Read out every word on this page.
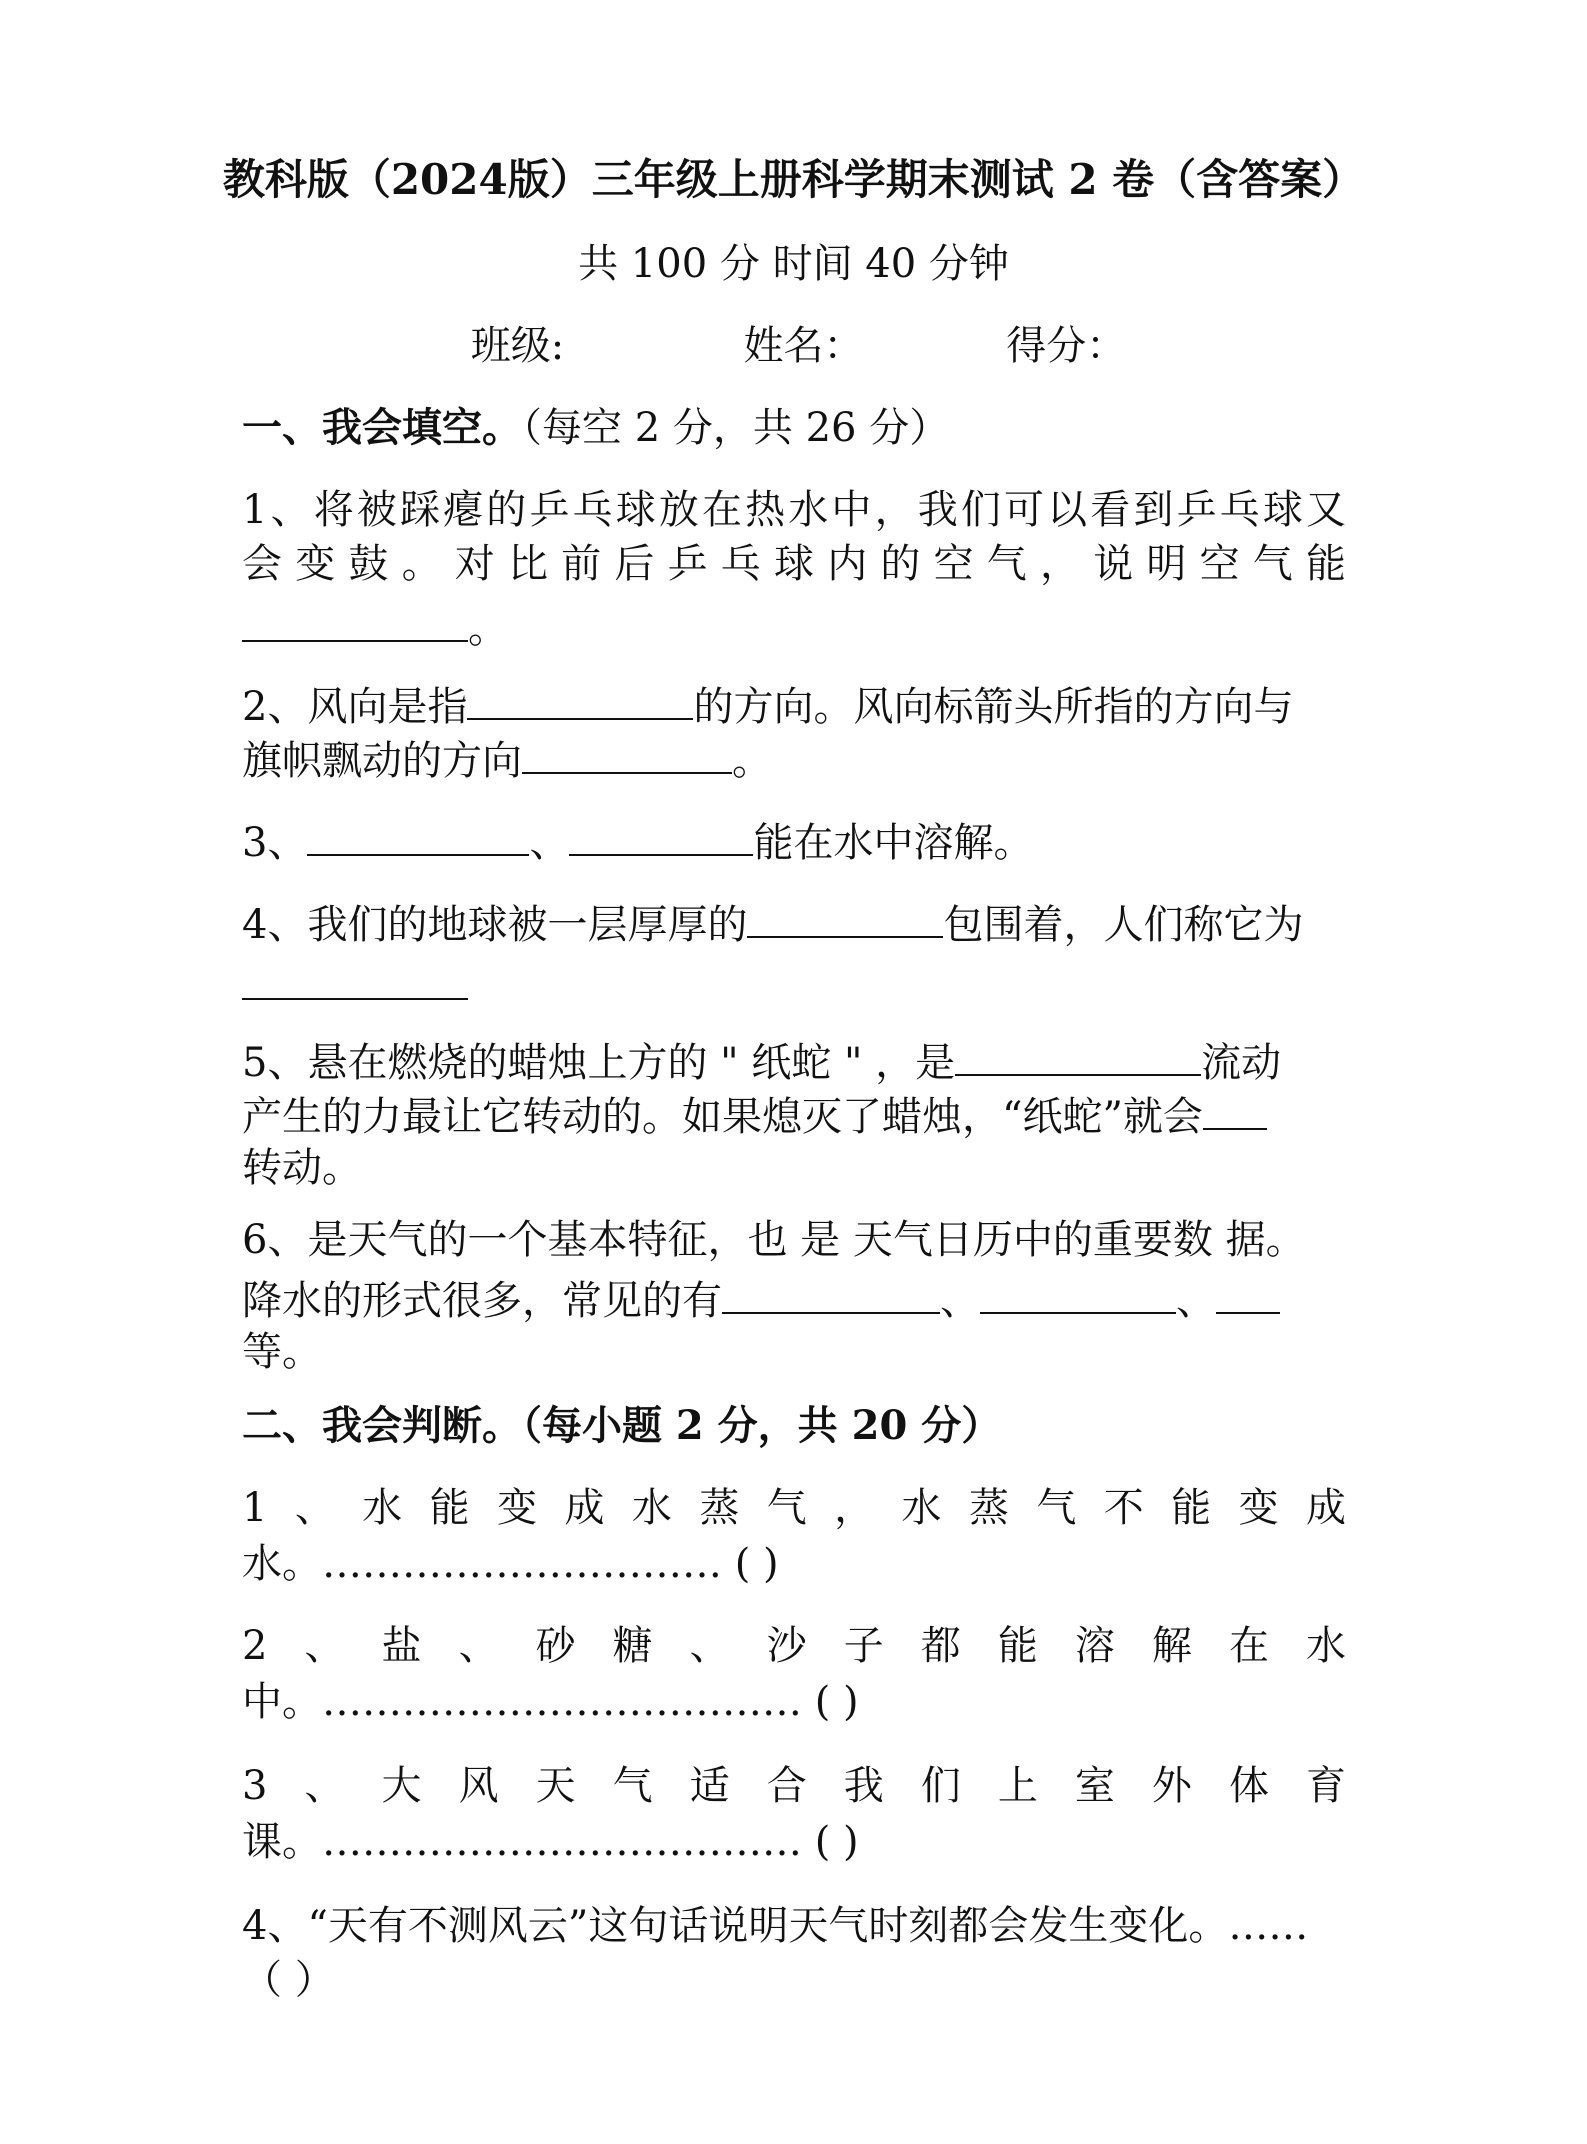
教科版（2024版）三年级上册科学期末测试 2 卷（含答案）
共 100 分 时间 40 分钟
班级:	姓名：	得分：
一、我会填空。（每空 2 分，共 26 分）
1、将被踩瘪的乒乓球放在热水中，我们可以看到乒乓球又
会变鼓。对比前后乒乓球内的空气，说明空气能
。
2、风向是指	的方向。风向标箭头所指的方向与
旗帜飘动的方向	。
3、	、	能在水中溶解。
4、我们的地球被一层厚厚的	包围着，人们称它为
5、悬在燃烧的蜡烛上方的 " 纸蛇 " ，是	流动
产生的力最让它转动的。如果熄灭了蜡烛，“纸蛇”就会
转动。
6、是天气的一个基本特征，也 是 天气日历中的重要数 据。
降水的形式很多，常见的有	、	、
等。
二、我会判断。（每小题 2 分，共 20 分）
1、水能变成水蒸气，水蒸气不能变成
水。………………………… ( )
2、盐、砂糖、沙子都能溶解在水
中。……………………………… ( )
3、大风天气适合我们上室外体育
课。……………………………… ( )
4、“天有不测风云”这句话说明天气时刻都会发生变化。……
（ ）
